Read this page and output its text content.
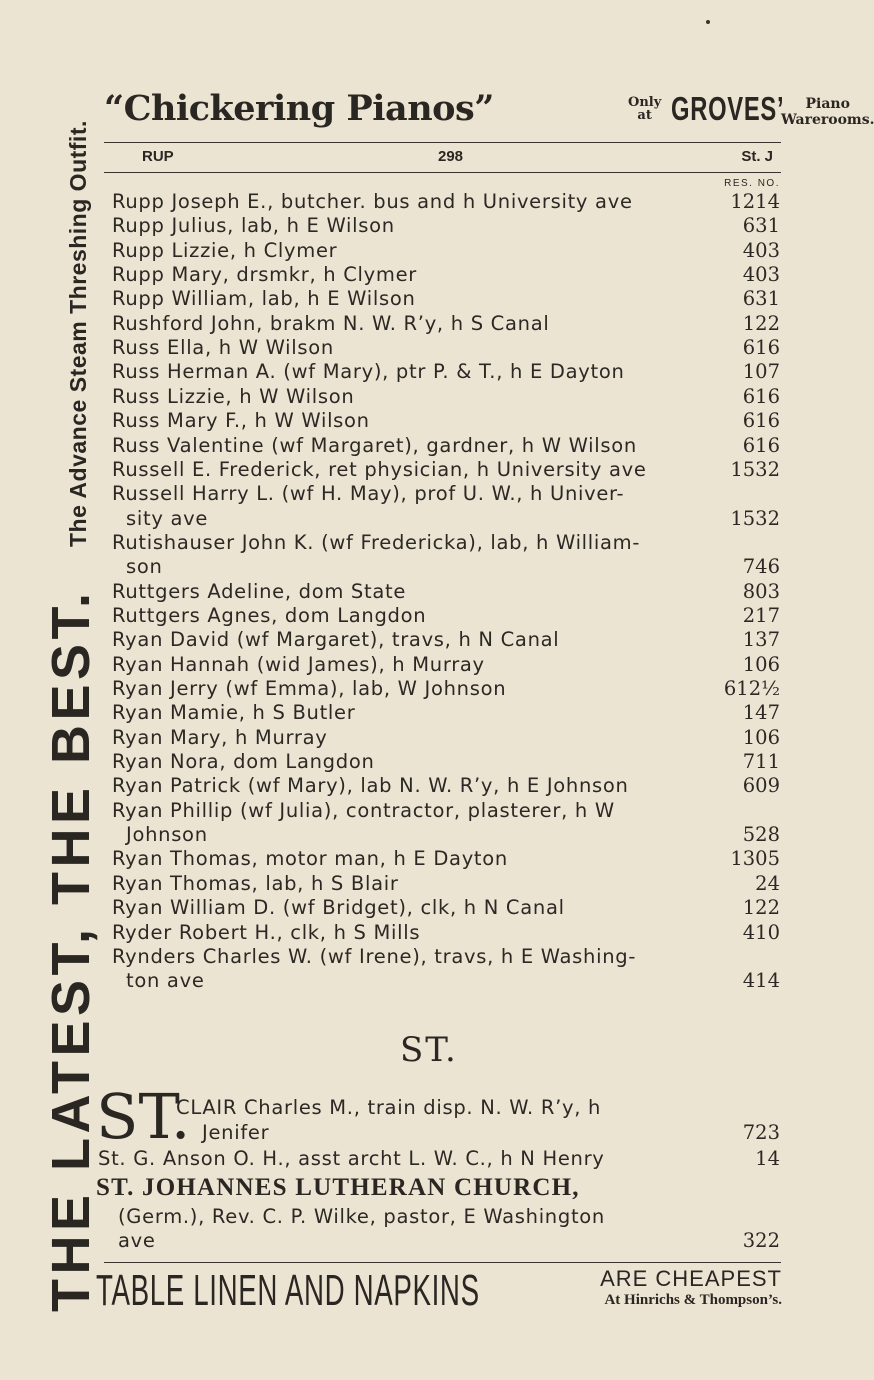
The Advance Steam Threshing Outfit.
THE LATEST, THE BEST.
“Chickering Pianos”	Only
at GROVES’	Piano
Warerooms.
RUP	298	St. J
RES. NO.
Rupp Joseph E., butcher. bus and h University ave	1214
Rupp Julius, lab, h E Wilson	631
Rupp Lizzie, h Clymer	403
Rupp Mary, drsmkr, h Clymer	403
Rupp William, lab, h E Wilson	631
Rushford John, brakm N. W. R’y, h S Canal	122
Russ Ella, h W Wilson	616
Russ Herman A. (wf Mary), ptr P. & T., h E Dayton	107
Russ Lizzie, h W Wilson	616
Russ Mary F., h W Wilson	616
Russ Valentine (wf Margaret), gardner, h W Wilson	616
Russell E. Frederick, ret physician, h University ave	1532
Russell Harry L. (wf H. May), prof U. W., h Univer-
sity ave	1532
Rutishauser John K. (wf Fredericka), lab, h William-
son	746
Ruttgers Adeline, dom State	803
Ruttgers Agnes, dom Langdon	217
Ryan David (wf Margaret), travs, h N Canal	137
Ryan Hannah (wid James), h Murray	106
Ryan Jerry (wf Emma), lab, W Johnson	612½
Ryan Mamie, h S Butler	147
Ryan Mary, h Murray	106
Ryan Nora, dom Langdon	711
Ryan Patrick (wf Mary), lab N. W. R’y, h E Johnson	609
Ryan Phillip (wf Julia), contractor, plasterer, h W
Johnson	528
Ryan Thomas, motor man, h E Dayton	1305
Ryan Thomas, lab, h S Blair	24
Ryan William D. (wf Bridget), clk, h N Canal	122
Ryder Robert H., clk, h S Mills	410
Rynders Charles W. (wf Irene), travs, h E Washing-
ton ave	414
ST.
ST.
CLAIR Charles M., train disp. N. W. R’y, h
Jenifer	723
St. G. Anson O. H., asst archt L. W. C., h N Henry	14
ST. JOHANNES LUTHERAN CHURCH,
(Germ.), Rev. C. P. Wilke, pastor, E Washington
ave	322
TABLE LINEN AND NAPKINS	ARE CHEAPEST
At Hinrichs & Thompson’s.
